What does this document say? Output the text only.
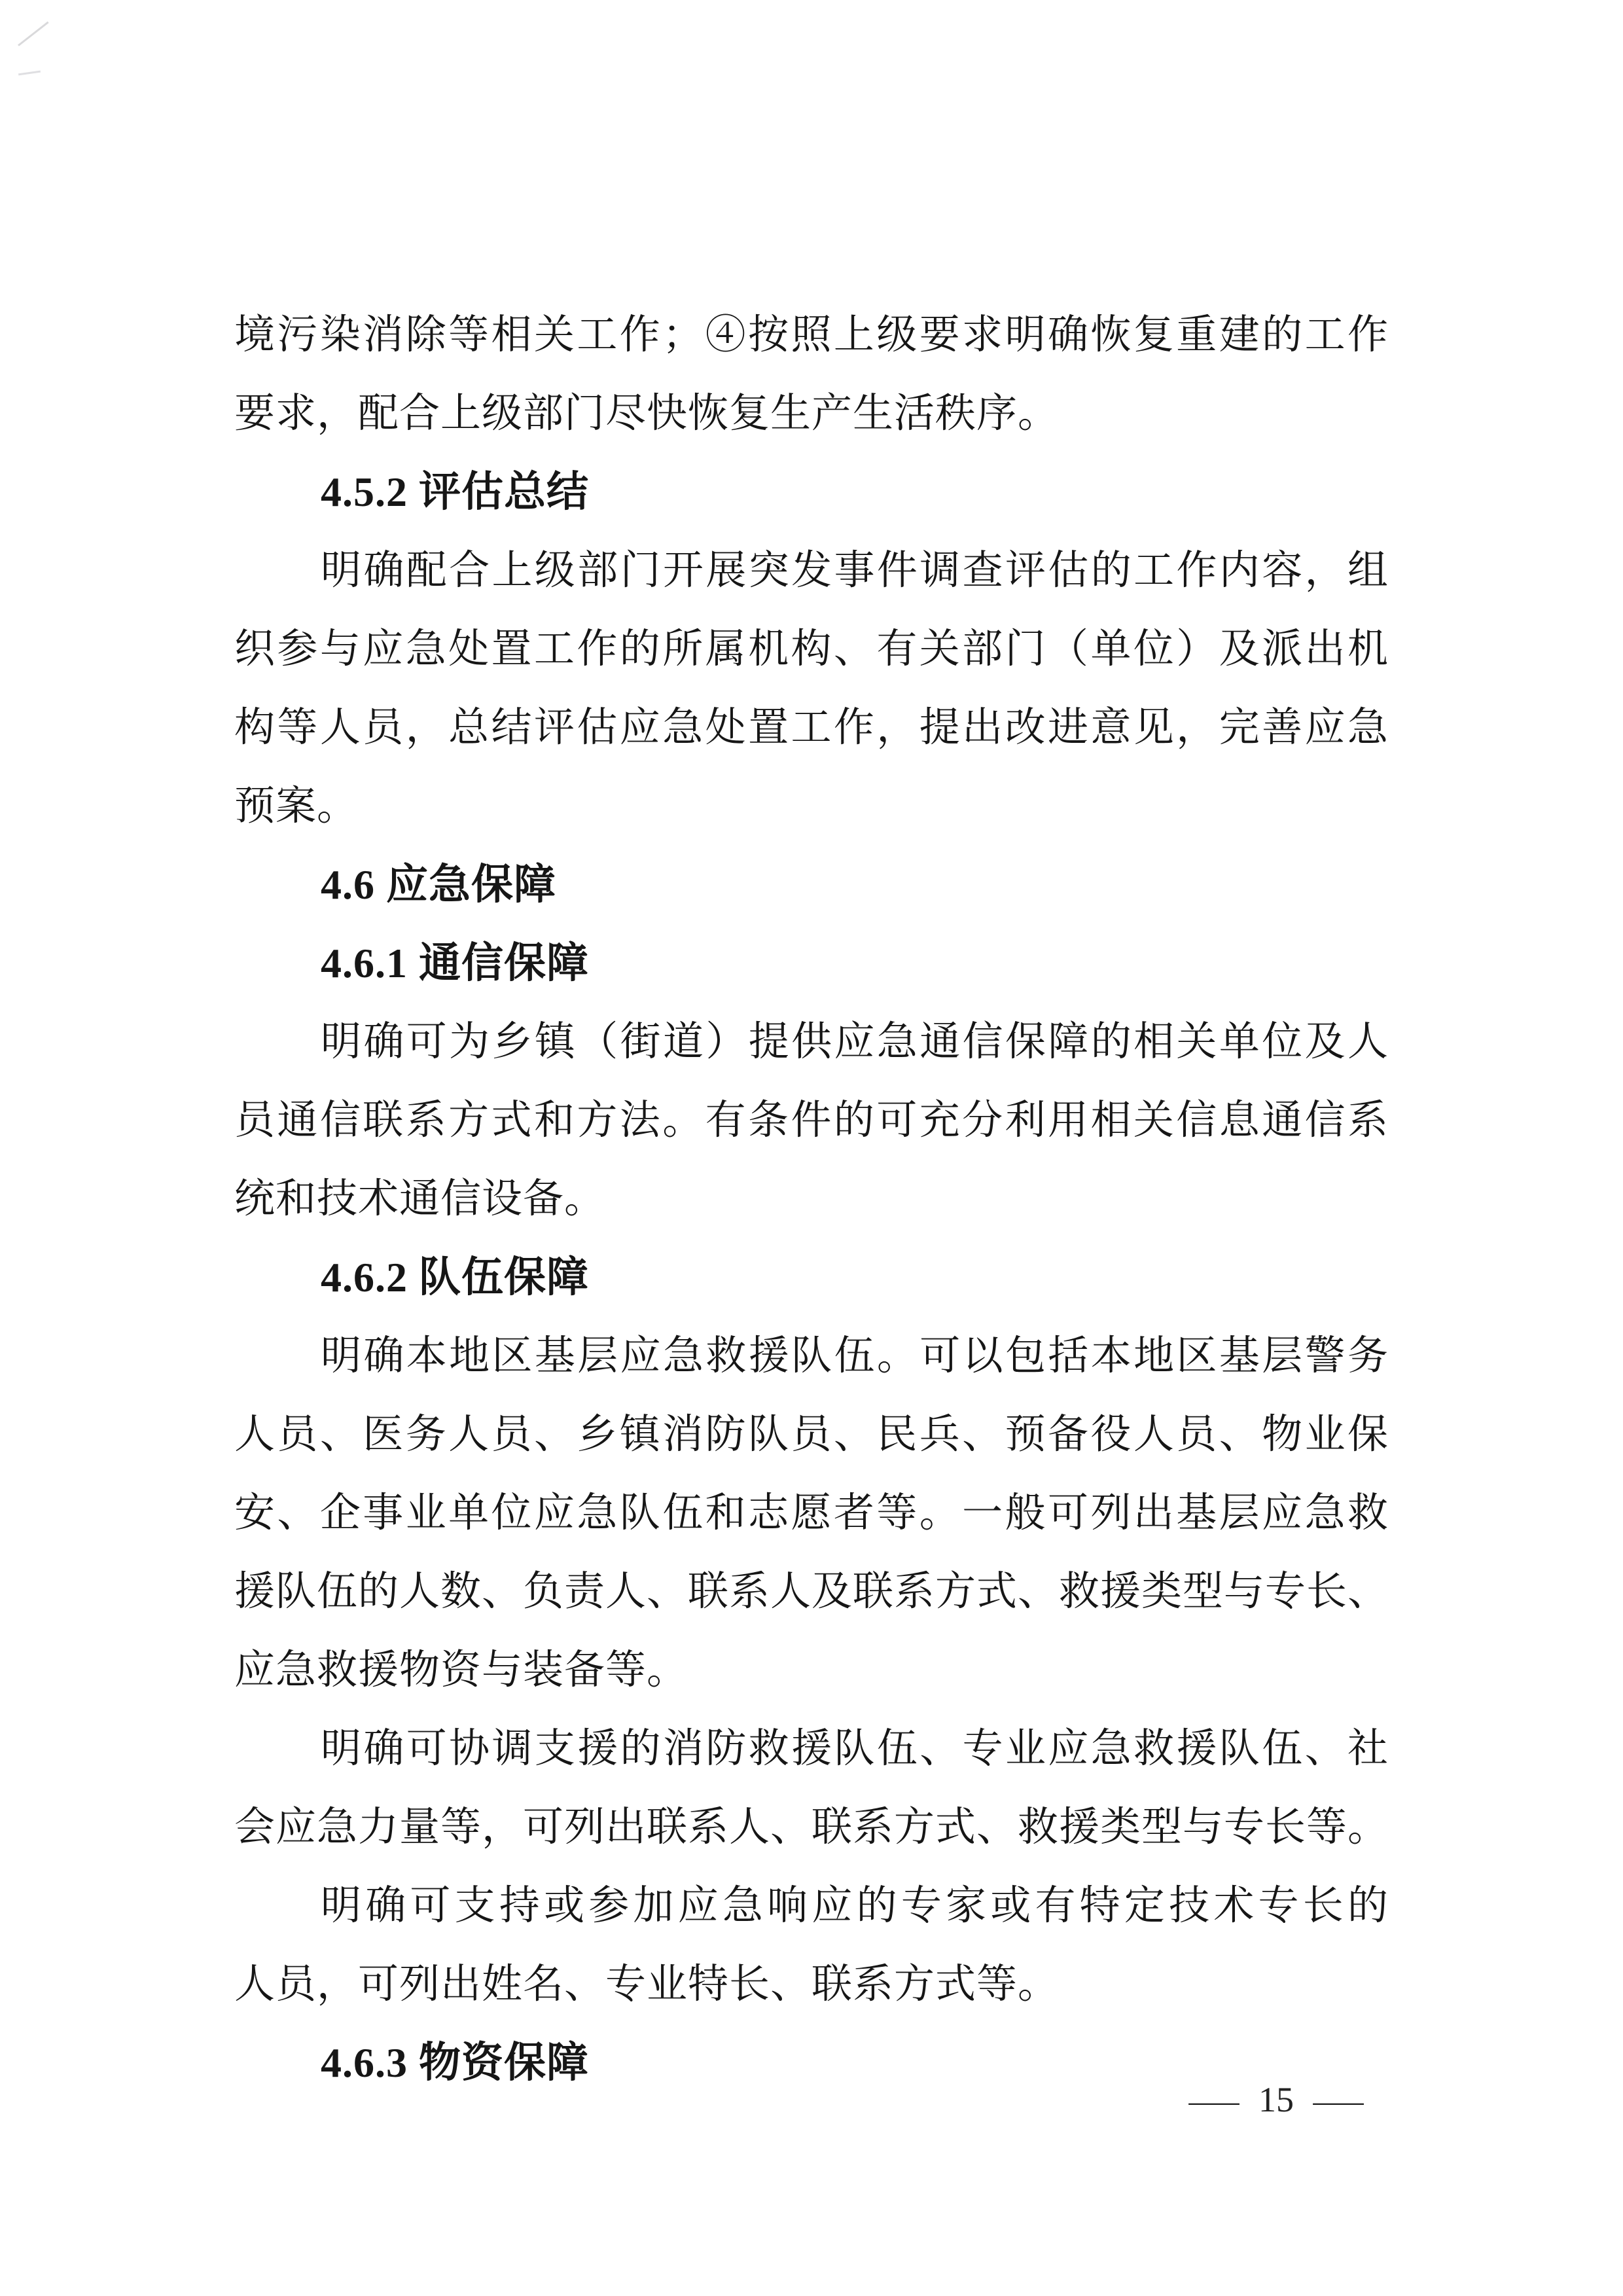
境污染消除等相关工作；④按照上级要求明确恢复重建的工作
要求，配合上级部门尽快恢复生产生活秩序。
4.5.2 评估总结
明确配合上级部门开展突发事件调查评估的工作内容，组
织参与应急处置工作的所属机构、有关部门（单位）及派出机
构等人员，总结评估应急处置工作，提出改进意见，完善应急
预案。
4.6 应急保障
4.6.1 通信保障
明确可为乡镇（街道）提供应急通信保障的相关单位及人
员通信联系方式和方法。有条件的可充分利用相关信息通信系
统和技术通信设备。
4.6.2 队伍保障
明确本地区基层应急救援队伍。可以包括本地区基层警务
人员、医务人员、乡镇消防队员、民兵、预备役人员、物业保
安、企事业单位应急队伍和志愿者等。一般可列出基层应急救
援队伍的人数、负责人、联系人及联系方式、救援类型与专长、
应急救援物资与装备等。
明确可协调支援的消防救援队伍、专业应急救援队伍、社
会应急力量等，可列出联系人、联系方式、救援类型与专长等。
明确可支持或参加应急响应的专家或有特定技术专长的
人员，可列出姓名、专业特长、联系方式等。
4.6.3 物资保障
— 15 —
